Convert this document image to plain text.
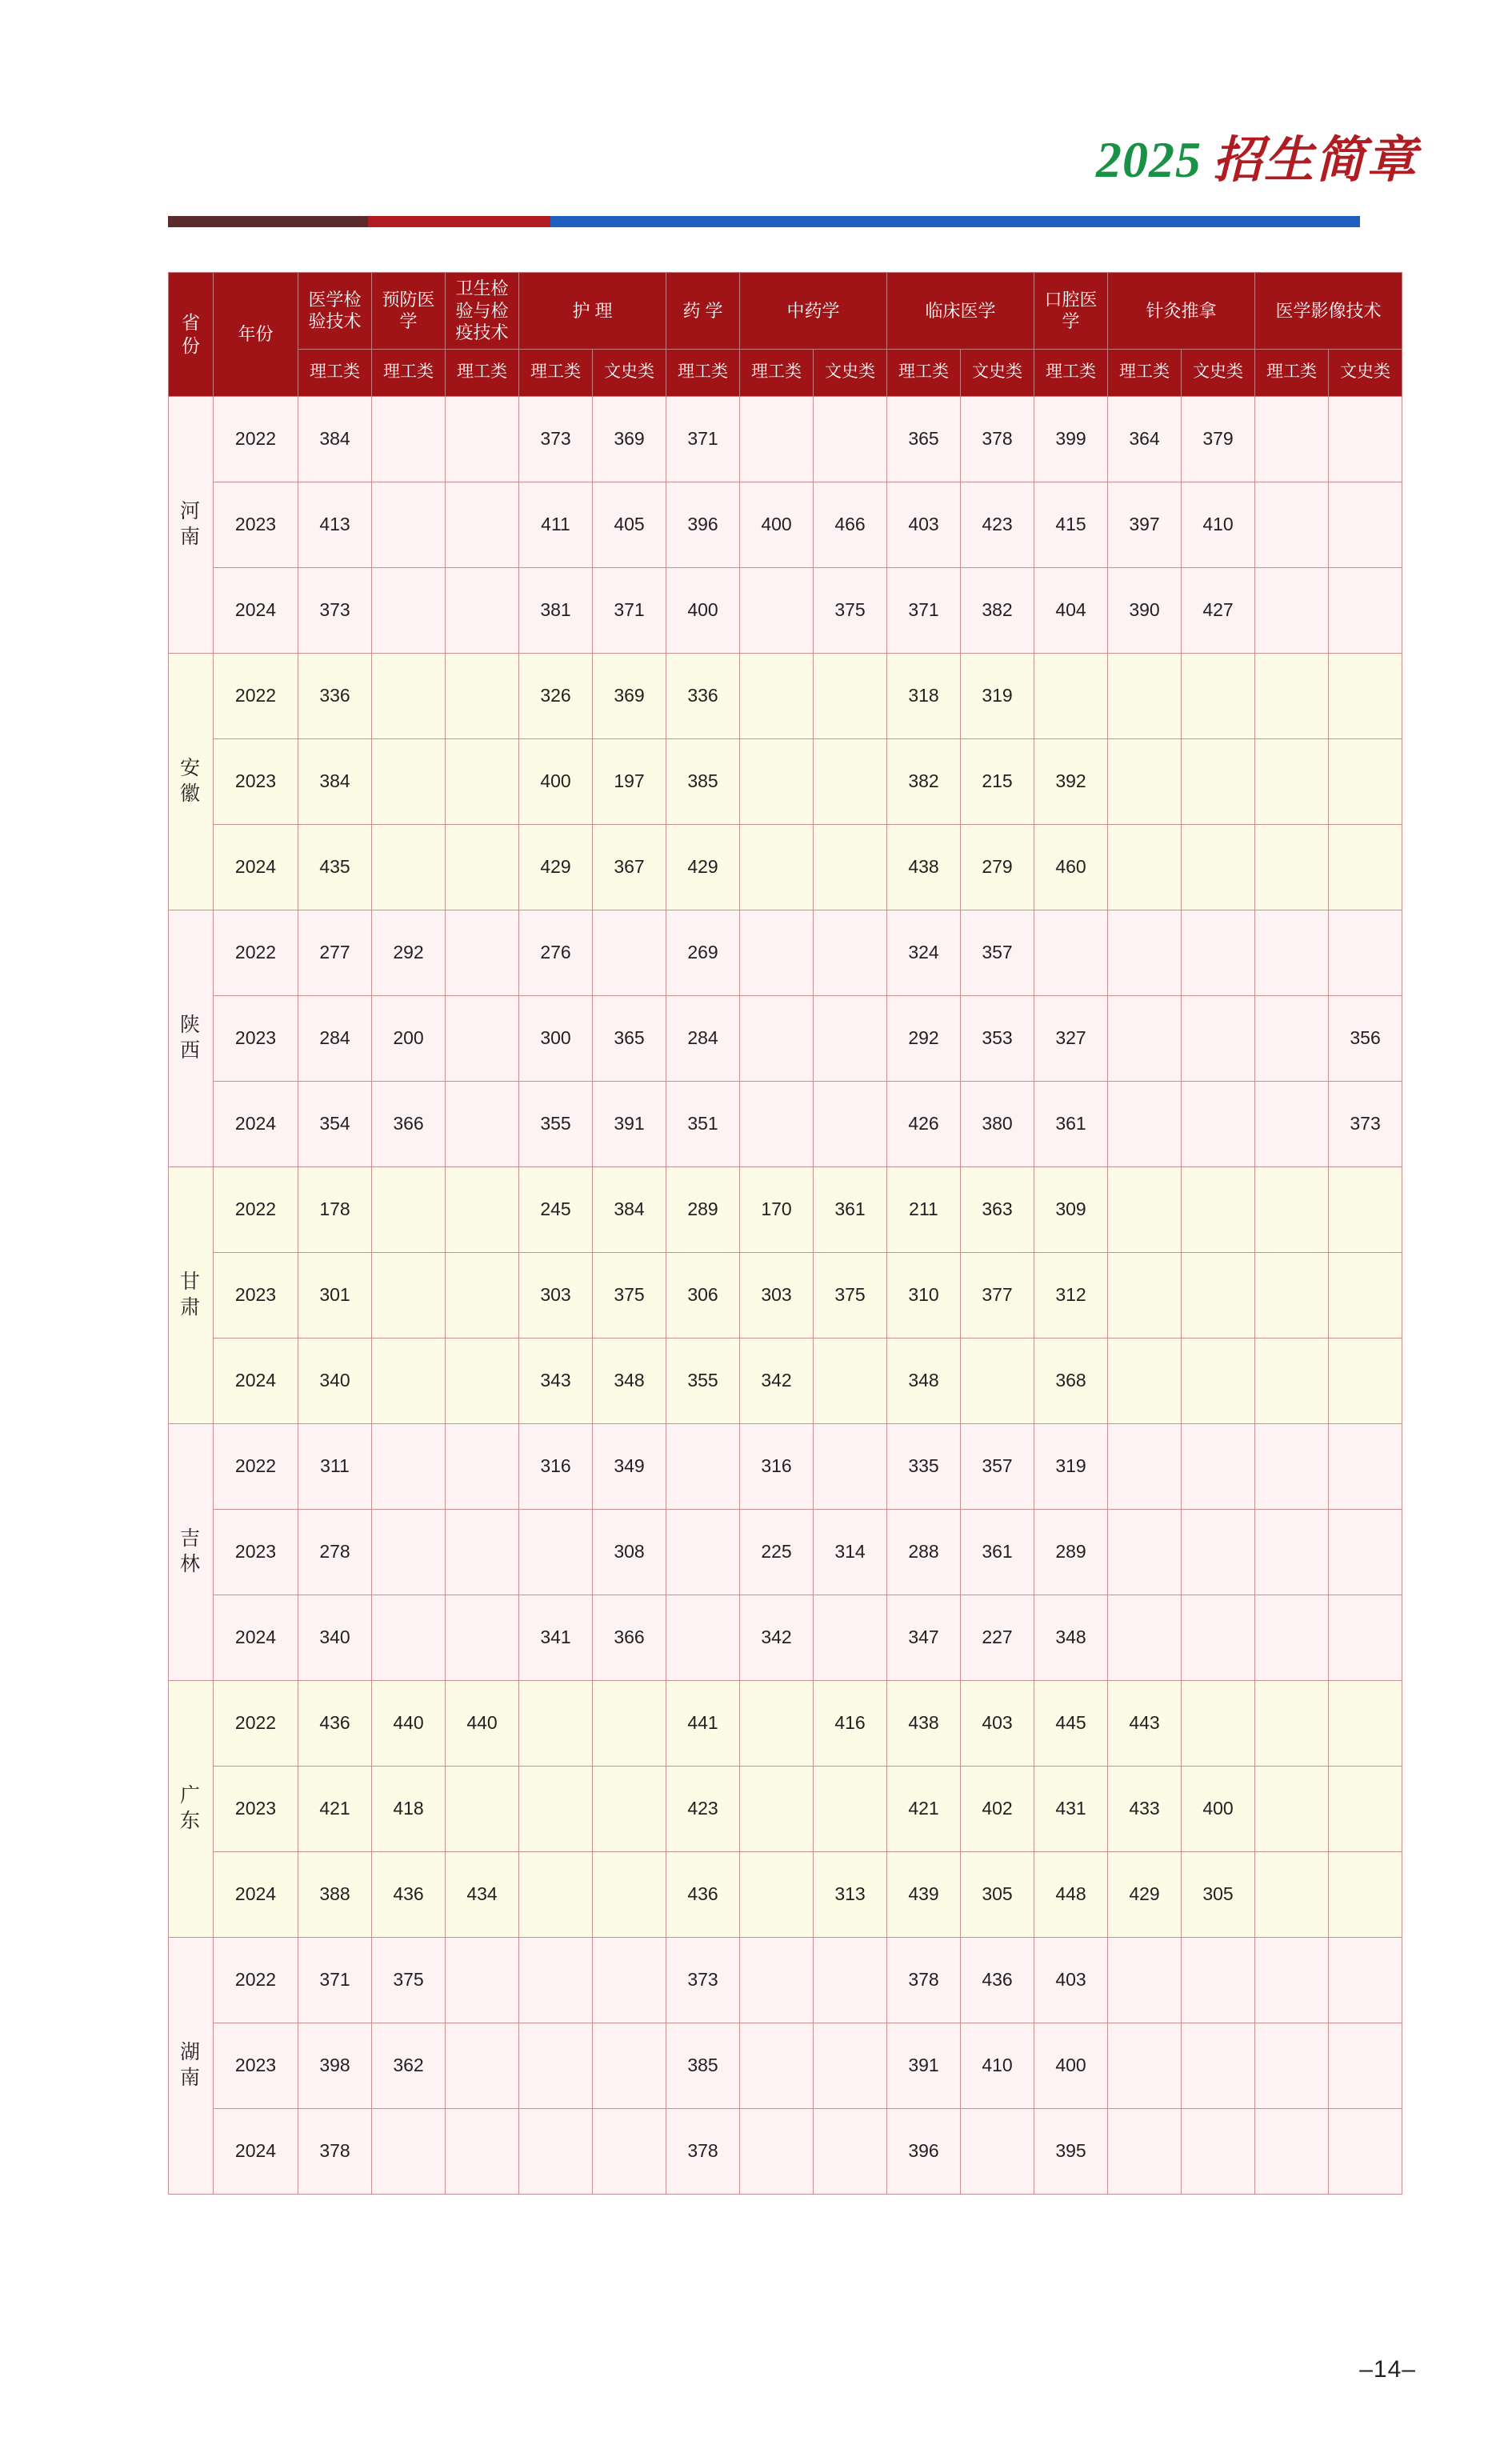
2025 招生简章
省
份	年份	医学检验技术	预防医学	卫生检验与检疫技术	护 理		药 学	中药学		临床医学		口腔医学	针灸推拿		医学影像技术	
		理工类	理工类	理工类	理工类	文史类	理工类	理工类	文史类	理工类	文史类	理工类	理工类	文史类	理工类	文史类
河
南	2022	384			373	369	371			365	378	399	364	379		
	2023	413			411	405	396	400	466	403	423	415	397	410		
	2024	373			381	371	400		375	371	382	404	390	427		
安
徽	2022	336			326	369	336			318	319					
	2023	384			400	197	385			382	215	392				
	2024	435			429	367	429			438	279	460				
陕
西	2022	277	292		276		269			324	357					
	2023	284	200		300	365	284			292	353	327				356
	2024	354	366		355	391	351			426	380	361				373
甘
肃	2022	178			245	384	289	170	361	211	363	309				
	2023	301			303	375	306	303	375	310	377	312				
	2024	340			343	348	355	342		348		368				
吉
林	2022	311			316	349		316		335	357	319				
	2023	278				308		225	314	288	361	289				
	2024	340			341	366		342		347	227	348				
广
东	2022	436	440	440			441		416	438	403	445	443			
	2023	421	418				423			421	402	431	433	400		
	2024	388	436	434			436		313	439	305	448	429	305		
湖
南	2022	371	375				373			378	436	403				
	2023	398	362				385			391	410	400				
	2024	378					378			396		395				
–14–
